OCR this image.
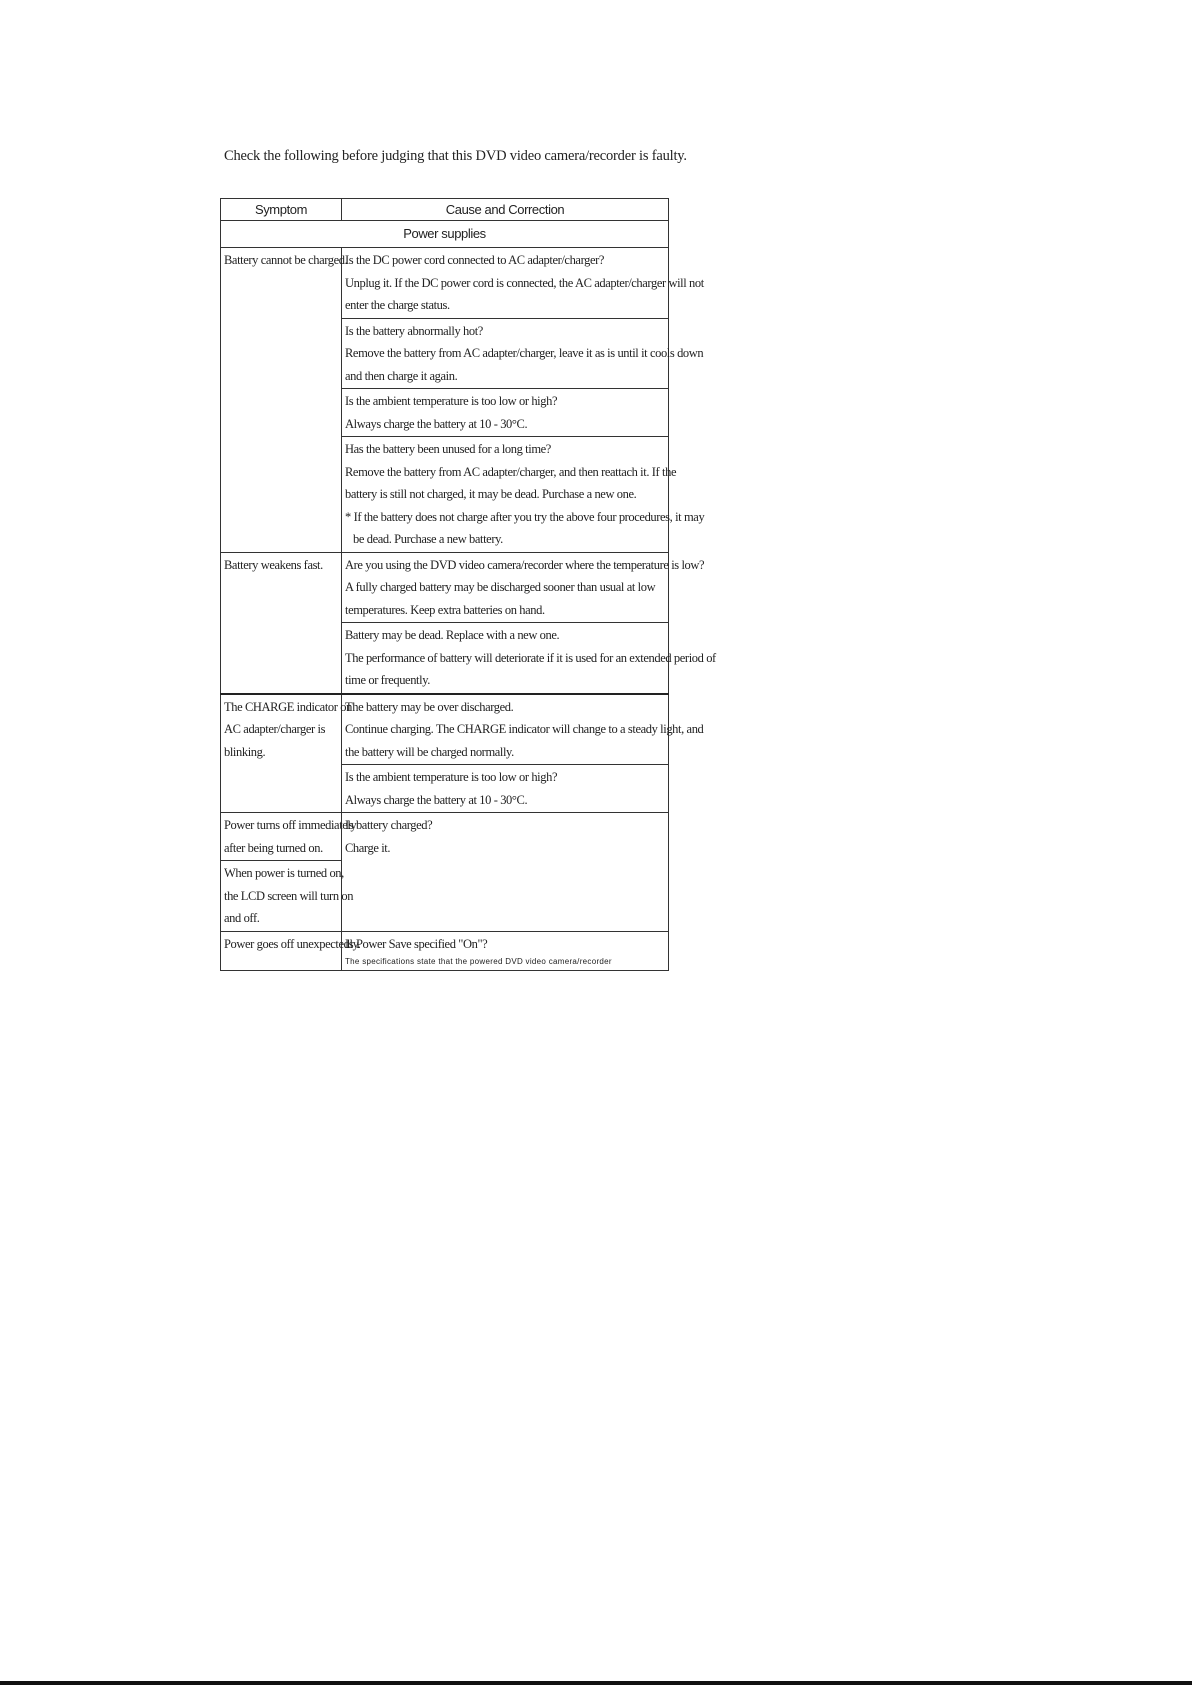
Check the following before judging that this DVD video camera/recorder is faulty.
Symptom	Cause and Correction
Power supplies	

Battery cannot be charged.	Is the DC power cord connected to AC adapter/charger?
Unplug it. If the DC power cord is connected, the AC adapter/charger will not
enter the charge status.

	Is the battery abnormally hot?
Remove the battery from AC adapter/charger, leave it as is until it cools down
and then charge it again.

	Is the ambient temperature is too low or high?
Always charge the battery at 10 - 30°C.

	Has the battery been unused for a long time?
Remove the battery from AC adapter/charger, and then reattach it. If the
battery is still not charged, it may be dead. Purchase a new one.
* If the battery does not charge after you try the above four procedures, it may
be dead. Purchase a new battery.

Battery weakens fast.	Are you using the DVD video camera/recorder where the temperature is low?
A fully charged battery may be discharged sooner than usual at low
temperatures. Keep extra batteries on hand.

	Battery may be dead. Replace with a new one.
The performance of battery will deteriorate if it is used for an extended period of
time or frequently.

The CHARGE indicator on
AC adapter/charger is
blinking.	The battery may be over discharged.
Continue charging. The CHARGE indicator will change to a steady light, and
the battery will be charged normally.

	Is the ambient temperature is too low or high?
Always charge the battery at 10 - 30°C.

Power turns off immediately
after being turned on.	Is battery charged?
Charge it.

When power is turned on,
the LCD screen will turn on
and off.	

Power goes off unexpectedly.	Is Power Save specified "On"?
The specifications state that the powered DVD video camera/recorder
